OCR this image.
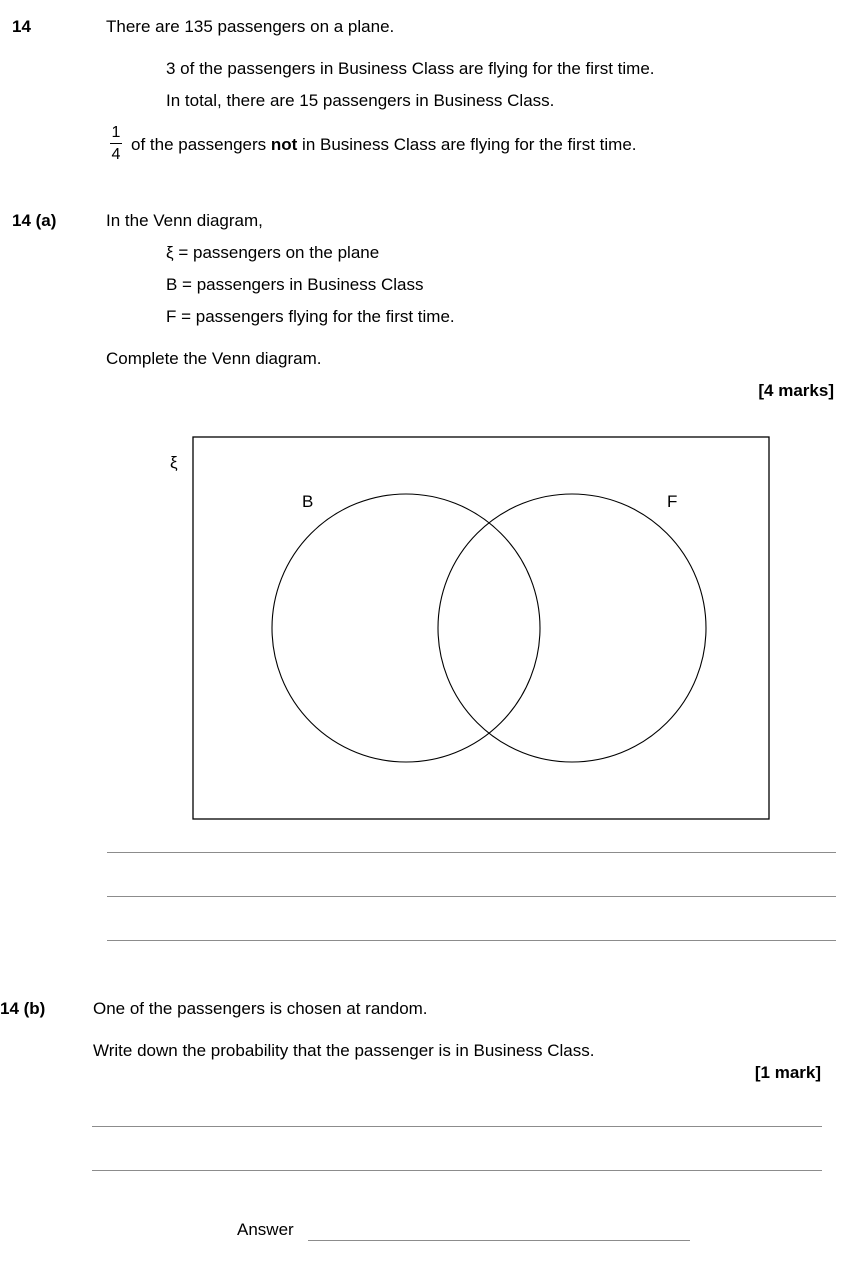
14	There are 135 passengers on a plane.
3 of the passengers in Business Class are flying for the first time.
In total, there are 15 passengers in Business Class.
1
4
of the passengers not in Business Class are flying for the first time.
14 (a)	In the Venn diagram,
ξ = passengers on the plane
B = passengers in Business Class
F = passengers flying for the first time.
Complete the Venn diagram.
[4 marks]
ξ
B	F
14 (b)	One of the passengers is chosen at random.
Write down the probability that the passenger is in Business Class.
[1 mark]
Answer
